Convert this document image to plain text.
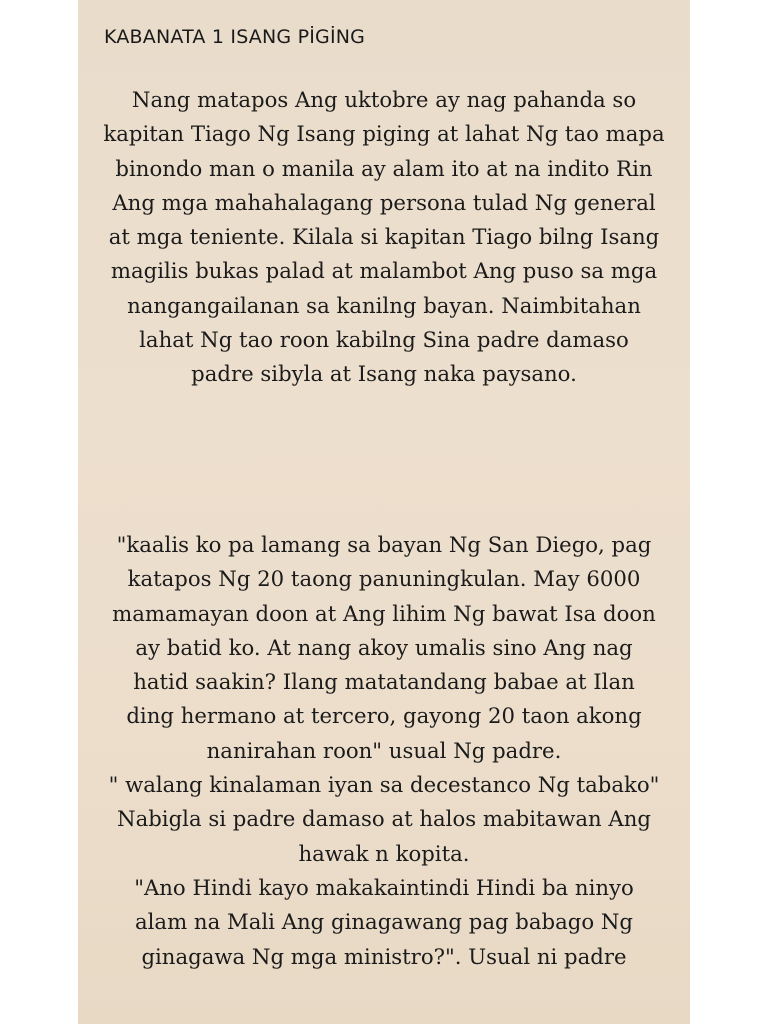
KABANATA 1 ISANG PİGİNG

Nang matapos Ang uktobre ay nag pahanda so
kapitan Tiago Ng Isang piging at lahat Ng tao mapa
binondo man o manila ay alam ito at na indito Rin
Ang mga mahahalagang persona tulad Ng general
at mga teniente. Kilala si kapitan Tiago bilng Isang
magilis bukas palad at malambot Ang puso sa mga
nangangailanan sa kanilng bayan. Naimbitahan
lahat Ng tao roon kabilng Sina padre damaso
padre sibyla at Isang naka paysano.

"kaalis ko pa lamang sa bayan Ng San Diego, pag
katapos Ng 20 taong panuningkulan. May 6000
mamamayan doon at Ang lihim Ng bawat Isa doon
ay batid ko. At nang akoy umalis sino Ang nag
hatid saakin? Ilang matatandang babae at Ilan
ding hermano at tercero, gayong 20 taon akong
nanirahan roon" usual Ng padre.
" walang kinalaman iyan sa decestanco Ng tabako"
Nabigla si padre damaso at halos mabitawan Ang
hawak n kopita.
"Ano Hindi kayo makakaintindi Hindi ba ninyo
alam na Mali Ang ginagawang pag babago Ng
ginagawa Ng mga ministro?". Usual ni padre
